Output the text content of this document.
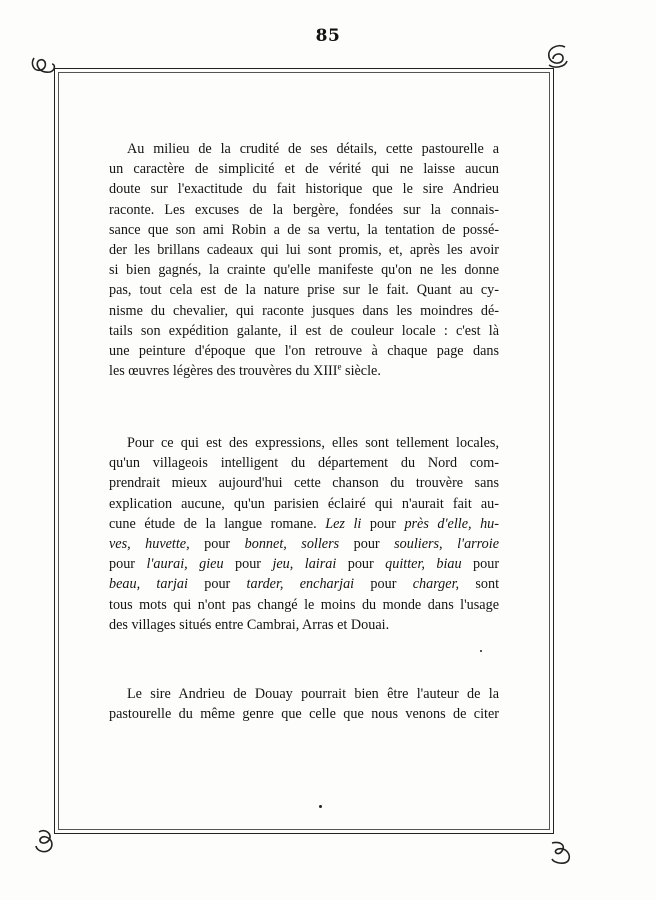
85
Au milieu de la crudité de ses détails, cette pastourelle a
un caractère de simplicité et de vérité qui ne laisse aucun
doute sur l'exactitude du fait historique que le sire Andrieu
raconte. Les excuses de la bergère, fondées sur la connais-
sance que son ami Robin a de sa vertu, la tentation de possé-
der les brillans cadeaux qui lui sont promis, et, après les avoir
si bien gagnés, la crainte qu'elle manifeste qu'on ne les donne
pas, tout cela est de la nature prise sur le fait. Quant au cy-
nisme du chevalier, qui raconte jusques dans les moindres dé-
tails son expédition galante, il est de couleur locale : c'est là
une peinture d'époque que l'on retrouve à chaque page dans
les œuvres légères des trouvères du XIIIe siècle.
Pour ce qui est des expressions, elles sont tellement locales,
qu'un villageois intelligent du département du Nord com-
prendrait mieux aujourd'hui cette chanson du trouvère sans
explication aucune, qu'un parisien éclairé qui n'aurait fait au-
cune étude de la langue romane. Lez li pour près d'elle, hu-
ves, huvette, pour bonnet, sollers pour souliers, l'arroie
pour l'aurai, gieu pour jeu, lairai pour quitter, biau pour
beau, tarjai pour tarder, encharjai pour charger, sont
tous mots qui n'ont pas changé le moins du monde dans l'usage
des villages situés entre Cambrai, Arras et Douai.
Le sire Andrieu de Douay pourrait bien être l'auteur de la
pastourelle du même genre que celle que nous venons de citer
